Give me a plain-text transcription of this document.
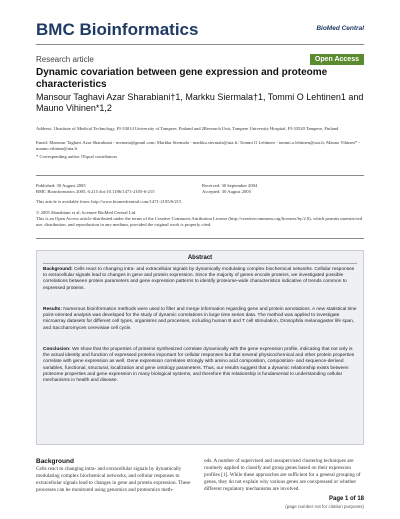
BMC Bioinformatics	BioMed Central
Research article	Open Access
Dynamic covariation between gene expression and proteome characteristics
Mansour Taghavi Azar Sharabiani†1, Markku Siermala†1, Tommi O Lehtinen1 and Mauno Vihinen*1,2
Address: 1Institute of Medical Technology, FI-33014 University of Tampere, Finland and 2Research Unit, Tampere University Hospital, FI-33520 Tampere, Finland
Email: Mansour Taghavi Azar Sharabiani - mvmata@gmail.com; Markku Siermala - markku.siermala@uta.fi; Tommi O Lehtinen - tommi.o.lehtinen@uta.fi; Mauno Vihinen* - mauno.vihinen@uta.fi
* Corresponding author †Equal contributors
Published: 30 August 2005
BMC Bioinformatics 2005, 6:215 doi:10.1186/1471-2105-6-215
Received: 30 September 2004
Accepted: 30 August 2005
This article is available from: http://www.biomedcentral.com/1471-2105/6/215
© 2005 Sharabiani et al; licensee BioMed Central Ltd.
This is an Open Access article distributed under the terms of the Creative Commons Attribution License (http://creativecommons.org/licenses/by/2.0), which permits unrestricted use, distribution, and reproduction in any medium, provided the original work is properly cited.
Abstract
Background: Cells react to changing intra- and extracellular signals by dynamically modulating complex biochemical networks. Cellular responses to extracellular signals lead to changes in gene and protein expression. Since the majority of genes encode proteins, we investigated possible correlations between protein parameters and gene expression patterns to identify proteome-wide characteristics indicative of trends common to expressed proteins.
Results: Numerous bioinformatics methods were used to filter and merge information regarding gene and protein annotations. A new statistical time point-oriented analysis was developed for the study of dynamic correlations in large time series data. The method was applied to investigate microarray datasets for different cell types, organisms and processes, including human B and T cell stimulation, Drosophila melanogaster life span, and Saccharomyces cerevisiae cell cycle.
Conclusion: We show that the properties of proteins synthesized correlate dynamically with the gene expression profile, indicating that not only is the actual identity and function of expressed proteins important for cellular responses but that several physicochemical and other protein properties correlate with gene expression as well. Gene expression correlates strongly with amino acid composition, composition- and sequence-derived variables, functional, structural, localization and gene ontology parameters. Thus, our results suggest that a dynamic relationship exists between proteome properties and gene expression in many biological systems, and therefore this relationship is fundamental to understanding cellular mechanisms in health and disease.
Background
Cells react to changing intra- and extracellular signals by dynamically modulating complex biochemical networks, and cellular responses to extracellular signals lead to changes in gene and protein expression. These processes can be monitored using genomics and proteomics meth-
ods. A number of supervised and unsupervised clustering techniques are routinely applied to classify and group genes based on their expression profiles [1]. While these approaches are sufficient for a general grouping of genes, they do not explain why various genes are coexpressed or whether different regulatory mechanisms are involved.
Page 1 of 18
(page number not for citation purposes)
